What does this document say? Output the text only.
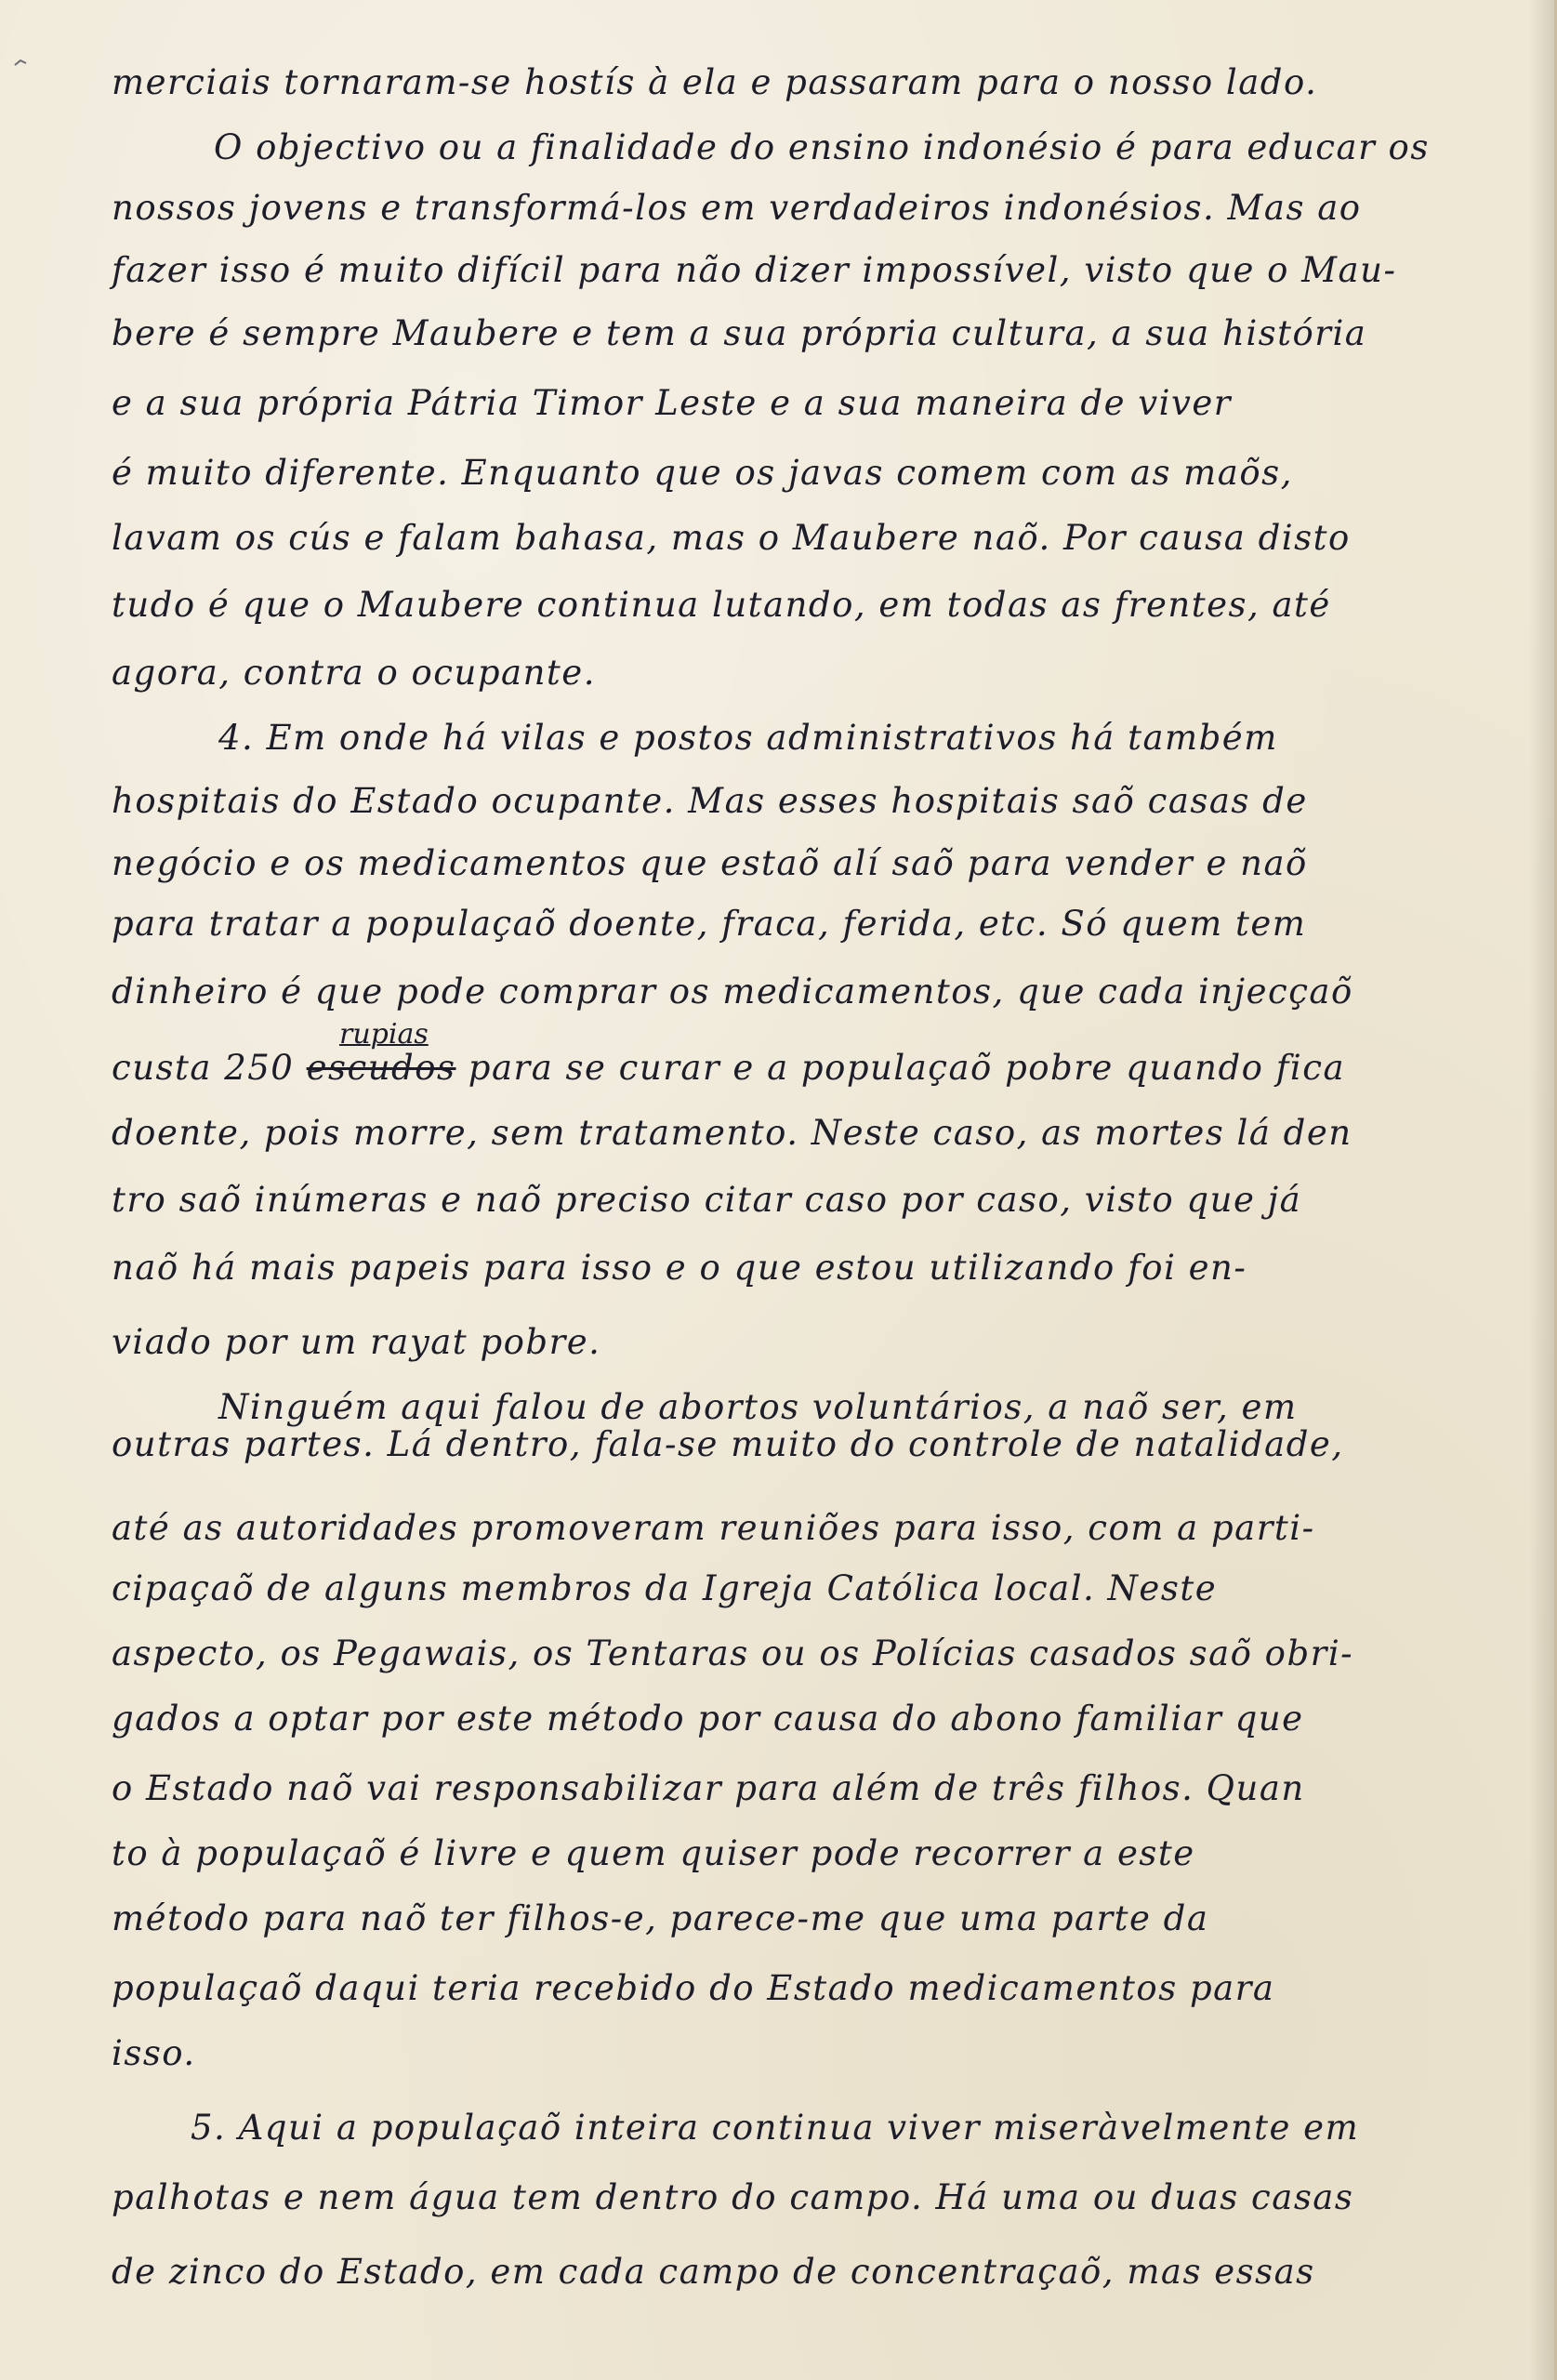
merciais tornaram-se hostís à ela e passaram para o nosso lado.
O objectivo ou a finalidade do ensino indonésio é para educar os
nossos jovens e transformá-los em verdadeiros indonésios. Mas ao
fazer isso é muito difícil para não dizer impossível, visto que o Mau-
bere é sempre Maubere e tem a sua própria cultura, a sua história
e a sua própria Pátria Timor Leste e a sua maneira de viver
é muito diferente. Enquanto que os javas comem com as maõs,
lavam os cús e falam bahasa, mas o Maubere naõ. Por causa disto
tudo é que o Maubere continua lutando, em todas as frentes, até
agora, contra o ocupante.
4. Em onde há vilas e postos administrativos há também
hospitais do Estado ocupante. Mas esses hospitais saõ casas de
negócio e os medicamentos que estaõ alí saõ para vender e naõ
para tratar a populaçaõ doente, fraca, ferida, etc. Só quem tem
dinheiro é que pode comprar os medicamentos, que cada injecçaõ
rupias
custa 250 escudos para se curar e a populaçaõ pobre quando fica
doente, pois morre, sem tratamento. Neste caso, as mortes lá den
tro saõ inúmeras e naõ preciso citar caso por caso, visto que já
naõ há mais papeis para isso e o que estou utilizando foi en-
viado por um rayat pobre.
Ninguém aqui falou de abortos voluntários, a naõ ser, em
outras partes. Lá dentro, fala-se muito do controle de natalidade,
até as autoridades promoveram reuniões para isso, com a parti-
cipaçaõ de alguns membros da Igreja Católica local. Neste
aspecto, os Pegawais, os Tentaras ou os Polícias casados saõ obri-
gados a optar por este método por causa do abono familiar que
o Estado naõ vai responsabilizar para além de três filhos. Quan
to à populaçaõ é livre e quem quiser pode recorrer a este
método para naõ ter filhos-e, parece-me que uma parte da
populaçaõ daqui teria recebido do Estado medicamentos para
isso.
5. Aqui a populaçaõ inteira continua viver miseràvelmente em
palhotas e nem água tem dentro do campo. Há uma ou duas casas
de zinco do Estado, em cada campo de concentraçaõ, mas essas
